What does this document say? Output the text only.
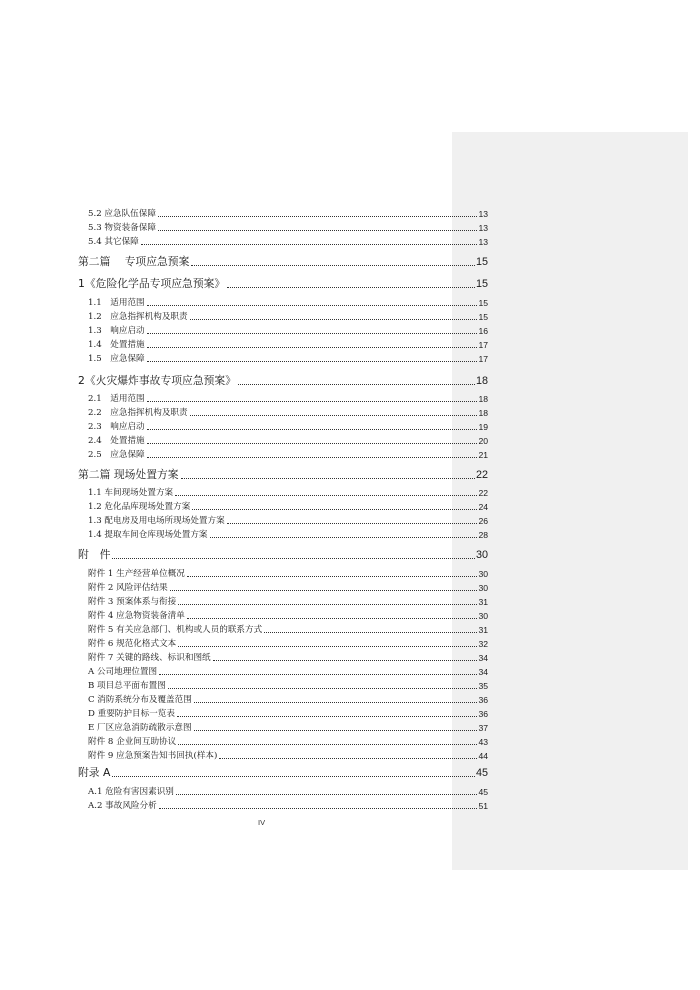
5.2 应急队伍保障	13
5.3 物资装备保障	13
5.4 其它保障	13
第二篇　 专项应急预案	15
1《危险化学品专项应急预案》	15
1.1　适用范围	15
1.2　应急指挥机构及职责	15
1.3　响应启动	16
1.4　处置措施	17
1.5　应急保障	17
2《火灾爆炸事故专项应急预案》	18
2.1　适用范围	18
2.2　应急指挥机构及职责	18
2.3　响应启动	19
2.4　处置措施	20
2.5　应急保障	21
第二篇 现场处置方案	22
1.1 车间现场处置方案	22
1.2 危化品库现场处置方案	24
1.3 配电房及用电场所现场处置方案	26
1.4 提取车间仓库现场处置方案	28
附　件	30
附件 1 生产经营单位概况	30
附件 2 风险评估结果	30
附件 3 预案体系与衔接	31
附件 4 应急物资装备清单	30
附件 5 有关应急部门、机构或人员的联系方式	31
附件 6 规范化格式文本	32
附件 7 关键的路线、标识和图纸	34
A 公司地理位置图	34
B 项目总平面布置图	35
C 消防系统分布及覆盖范围	36
D 重要防护目标一览表	36
E 厂区应急消防疏散示意图	37
附件 8 企业间互助协议	43
附件 9 应急预案告知书回执(样本)	44
附录 A	45
A.1 危险有害因素识别	45
A.2 事故风险分析	51
IV
